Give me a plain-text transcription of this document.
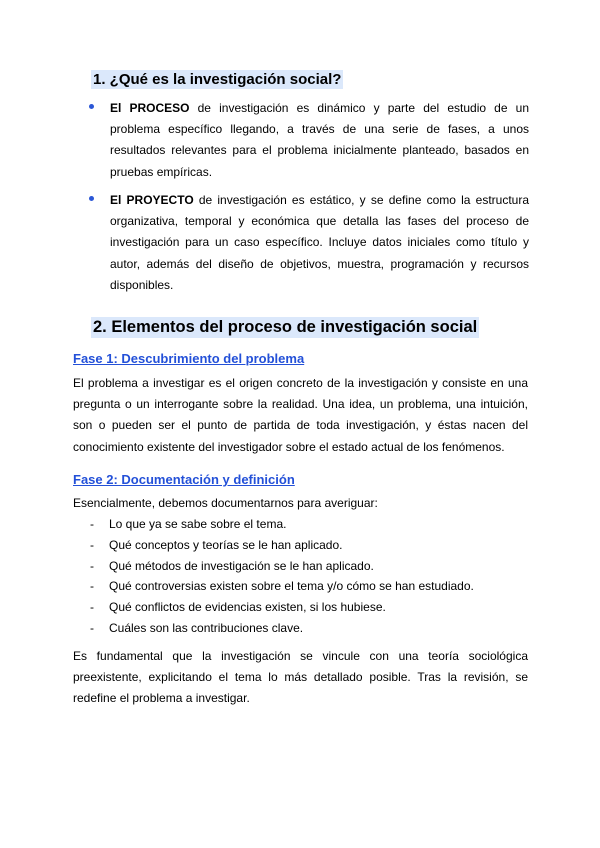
1. ¿Qué es la investigación social?
El PROCESO de investigación es dinámico y parte del estudio de un problema específico llegando, a través de una serie de fases, a unos resultados relevantes para el problema inicialmente planteado, basados en pruebas empíricas.
El PROYECTO de investigación es estático, y se define como la estructura organizativa, temporal y económica que detalla las fases del proceso de investigación para un caso específico. Incluye datos iniciales como título y autor, además del diseño de objetivos, muestra, programación y recursos disponibles.
2. Elementos del proceso de investigación social
Fase 1: Descubrimiento del problema
El problema a investigar es el origen concreto de la investigación y consiste en una pregunta o un interrogante sobre la realidad. Una idea, un problema, una intuición, son o pueden ser el punto de partida de toda investigación, y éstas nacen del conocimiento existente del investigador sobre el estado actual de los fenómenos.
Fase 2: Documentación y definición
Esencialmente, debemos documentarnos para averiguar:
- Lo que ya se sabe sobre el tema.
- Qué conceptos y teorías se le han aplicado.
- Qué métodos de investigación se le han aplicado.
- Qué controversias existen sobre el tema y/o cómo se han estudiado.
- Qué conflictos de evidencias existen, si los hubiese.
- Cuáles son las contribuciones clave.
Es fundamental que la investigación se vincule con una teoría sociológica preexistente, explicitando el tema lo más detallado posible. Tras la revisión, se redefine el problema a investigar.
